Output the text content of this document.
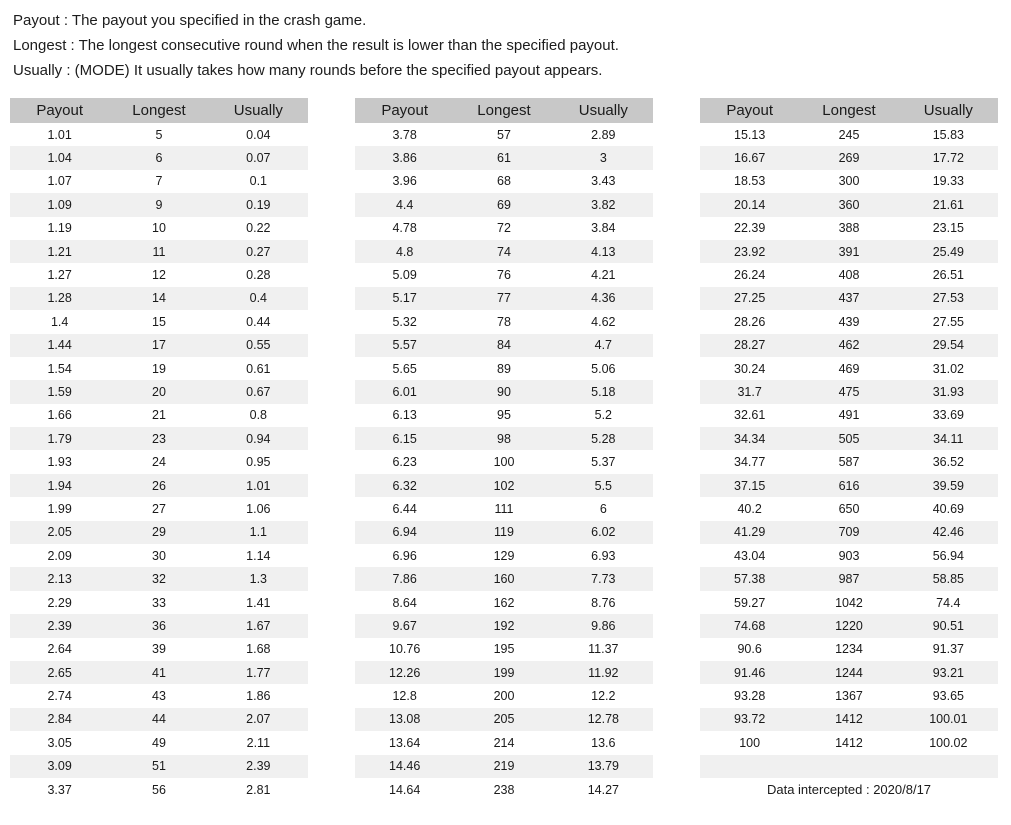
Payout : The payout you specified in the crash game.
Longest : The longest consecutive round when the result is lower than the specified payout.
Usually : (MODE) It usually takes how many rounds before the specified payout appears.
Payout	Longest	Usually
1.01	5	0.04
1.04	6	0.07
1.07	7	0.1
1.09	9	0.19
1.19	10	0.22
1.21	11	0.27
1.27	12	0.28
1.28	14	0.4
1.4	15	0.44
1.44	17	0.55
1.54	19	0.61
1.59	20	0.67
1.66	21	0.8
1.79	23	0.94
1.93	24	0.95
1.94	26	1.01
1.99	27	1.06
2.05	29	1.1
2.09	30	1.14
2.13	32	1.3
2.29	33	1.41
2.39	36	1.67
2.64	39	1.68
2.65	41	1.77
2.74	43	1.86
2.84	44	2.07
3.05	49	2.11
3.09	51	2.39
3.37	56	2.81
Payout	Longest	Usually
3.78	57	2.89
3.86	61	3
3.96	68	3.43
4.4	69	3.82
4.78	72	3.84
4.8	74	4.13
5.09	76	4.21
5.17	77	4.36
5.32	78	4.62
5.57	84	4.7
5.65	89	5.06
6.01	90	5.18
6.13	95	5.2
6.15	98	5.28
6.23	100	5.37
6.32	102	5.5
6.44	111	6
6.94	119	6.02
6.96	129	6.93
7.86	160	7.73
8.64	162	8.76
9.67	192	9.86
10.76	195	11.37
12.26	199	11.92
12.8	200	12.2
13.08	205	12.78
13.64	214	13.6
14.46	219	13.79
14.64	238	14.27
Payout	Longest	Usually
15.13	245	15.83
16.67	269	17.72
18.53	300	19.33
20.14	360	21.61
22.39	388	23.15
23.92	391	25.49
26.24	408	26.51
27.25	437	27.53
28.26	439	27.55
28.27	462	29.54
30.24	469	31.02
31.7	475	31.93
32.61	491	33.69
34.34	505	34.11
34.77	587	36.52
37.15	616	39.59
40.2	650	40.69
41.29	709	42.46
43.04	903	56.94
57.38	987	58.85
59.27	1042	74.4
74.68	1220	90.51
90.6	1234	91.37
91.46	1244	93.21
93.28	1367	93.65
93.72	1412	100.01
100	1412	100.02
Data intercepted : 2020/8/17
